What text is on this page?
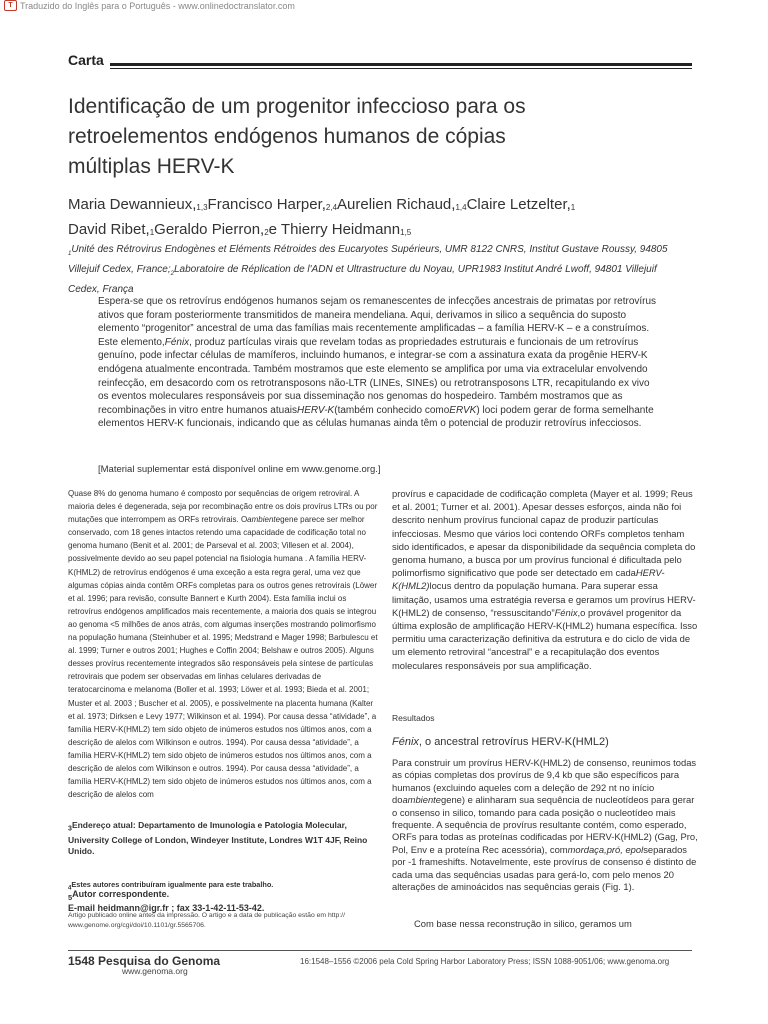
T Traduzido do Inglês para o Português - www.onlinedoctranslator.com
Carta
Identificação de um progenitor infeccioso para os retroelementos endógenos humanos de cópias múltiplas HERV-K
Maria $Dewannieux,_{1,3}Francisco$ $Harper,_{2,4}Aurelien$ $Richaud,_{1,4}Claire$ $Letzelter,_1$
David $Ribet,_1Geraldo$ $Pierron,_2e$ Thierry Heidmann$_{1,5}$
$_1$Unité des Rétrovirus Endogènes et Eléments Rétroides des Eucaryotes Supérieurs, UMR 8122 CNRS, Institut Gustave Roussy, 94805 Villejuif Cedex, $France;_2Laboratoire$ de Réplication de l'ADN et Ultrastructure du Noyau, UPR1983 Institut André Lwoff, 94801 Villejuif Cedex, França
Espera-se que os retrovírus endógenos humanos sejam os remanescentes de infecções ancestrais de primatas por retrovírus ativos que foram posteriormente transmitidos de maneira mendeliana. Aqui, derivamos in silico a sequência do suposto elemento “progenitor” ancestral de uma das famílias mais recentemente amplificadas – a família HERV-K – e a construímos. Este elemento,Fénix, produz partículas virais que revelam todas as propriedades estruturais e funcionais de um retrovírus genuíno, pode infectar células de mamíferos, incluindo humanos, e integrar-se com a assinatura exata da progênie HERV-K endógena atualmente encontrada. Também mostramos que este elemento se amplifica por uma via extracelular envolvendo reinfecção, em desacordo com os retrotransposons não-LTR (LINEs, SINEs) ou retrotransposons LTR, recapitulando ex vivo os eventos moleculares responsáveis por sua disseminação nos genomas do hospedeiro. Também mostramos que as recombinações in vitro entre humanos atuaisHERV-K(também conhecido comoERVK) loci podem gerar de forma semelhante elementos HERV-K funcionais, indicando que as células humanas ainda têm o potencial de produzir retrovírus infecciosos.
[Material suplementar está disponível online em www.genome.org.]
Quase 8% do genoma humano é composto por sequências de origem retroviral. A maioria deles é degenerada, seja por recombinação entre os dois provírus LTRs ou por mutações que interrompem as ORFs retrovirais. Oambientegene parece ser melhor conservado, com 18 genes intactos retendo uma capacidade de codificação total no genoma humano (Benit et al. 2001; de Parseval et al. 2003; Villesen et al. 2004), possivelmente devido ao seu papel potencial na fisiologia humana . A família HERV-K(HML2) de retrovírus endógenos é uma exceção a esta regra geral, uma vez que algumas cópias ainda contêm ORFs completas para os outros genes retrovirais (Löwer et al. 1996; para revisão, consulte Bannert e Kurth 2004). Esta família inclui os retrovírus endógenos amplificados mais recentemente, a maioria dos quais se integrou ao genoma <5 milhões de anos atrás, com algumas inserções mostrando polimorfismo na população humana (Steinhuber et al. 1995; Medstrand e Mager 1998; Barbulescu et al. 1999; Turner e outros 2001; Hughes e Coffin 2004; Belshaw e outros 2005). Alguns desses provírus recentemente integrados são responsáveis pela síntese de partículas retrovirais que podem ser observadas em linhas celulares derivadas de teratocarcinoma e melanoma (Boller et al. 1993; Löwer et al. 1993; Bieda et al. 2001; Muster et al. 2003 ; Buscher et al. 2005), e possivelmente na placenta humana (Kalter et al. 1973; Dirksen e Levy 1977; Wilkinson et al. 1994). Por causa dessa “atividade”, a família HERV-K(HML2) tem sido objeto de inúmeros estudos nos últimos anos, com a descrição de alelos com Wilkinson e outros. 1994). Por causa dessa “atividade”, a família HERV-K(HML2) tem sido objeto de inúmeros estudos nos últimos anos, com a descrição de alelos com Wilkinson e outros. 1994). Por causa dessa “atividade”, a família HERV-K(HML2) tem sido objeto de inúmeros estudos nos últimos anos, com a descrição de alelos com
provírus e capacidade de codificação completa (Mayer et al. 1999; Reus et al. 2001; Turner et al. 2001). Apesar desses esforços, ainda não foi descrito nenhum provírus funcional capaz de produzir partículas infecciosas. Mesmo que vários loci contendo ORFs completos tenham sido identificados, e apesar da disponibilidade da sequência completa do genoma humano, a busca por um provírus funcional é dificultada pelo polimorfismo significativo que pode ser detectado em cadaHERV-K(HML2)locus dentro da população humana. Para superar essa limitação, usamos uma estratégia reversa e geramos um provírus HERV-K(HML2) de consenso, “ressuscitando”Fénix,o provável progenitor da última explosão de amplificação HERV-K(HML2) humana específica. Isso permitiu uma caracterização definitiva da estrutura e do ciclo de vida de um elemento retroviral “ancestral” e a recapitulação dos eventos moleculares responsáveis por sua amplificação.
Resultados
Fénix, o ancestral retrovírus HERV-K(HML2)
Para construir um provírus HERV-K(HML2) de consenso, reunimos todas as cópias completas dos provírus de 9,4 kb que são específicos para humanos (excluindo aqueles com a deleção de 292 nt no início doambientegene) e alinharam sua sequência de nucleotídeos para gerar o consenso in silico, tomando para cada posição o nucleotídeo mais frequente. A sequência de provírus resultante contém, como esperado, ORFs para todas as proteínas codificadas por HERV-K(HML2) (Gag, Pro, Pol, Env e a proteína Rec acessória), commordaça,pró, epolseparados por -1 frameshifts. Notavelmente, este provírus de consenso é distinto de cada uma das sequências usadas para gerá-lo, com pelo menos 20 alterações de aminoácidos nas sequências gerais (Fig. 1).
Com base nessa reconstrução in silico, geramos um
$_3$Endereço atual: Departamento de Imunologia e Patologia Molecular, University College of London, Windeyer Institute, Londres W1T 4JF, Reino Unido.
$_4$Estes autores contribuíram igualmente para este trabalho.
$_5$Autor correspondente.
E-mail heidmann@igr.fr ; fax 33-1-42-11-53-42.
Artigo publicado online antes da impressão. O artigo e a data de publicação estão em http:// www.genome.org/cgi/doi/10.1101/gr.5565706.
1548 Pesquisa do Genoma
www.genoma.org
16:1548–1556 ©2006 pela Cold Spring Harbor Laboratory Press; ISSN 1088-9051/06; www.genoma.org
